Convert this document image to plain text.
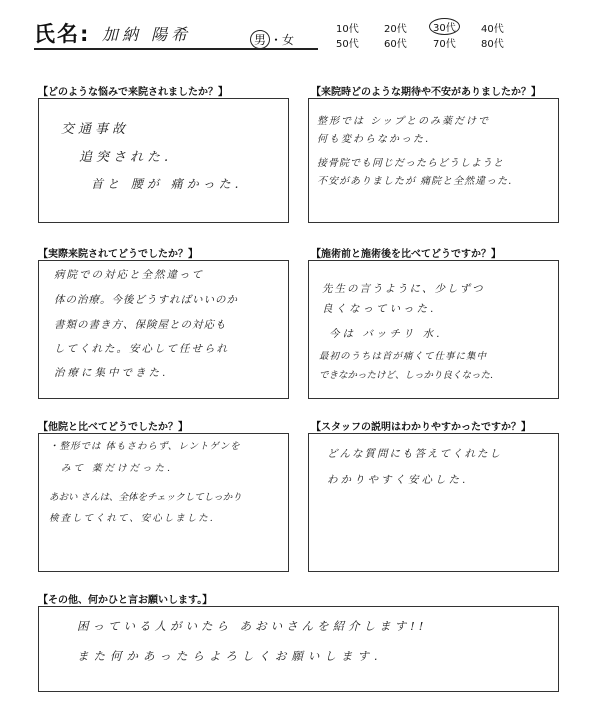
氏名: 加納 陽希	男 ・女
10代	20代	30代	40代
50代	60代	70代	80代
【どのような悩みで来院されましたか？】
交通事故
追突された.
首と 腰が 痛かった.
【来院時どのような期待や不安がありましたか？】
整形では シップとのみ薬だけで
何も変わらなかった.
接骨院でも同じだったらどうしようと
不安がありましたが 痛院と全然違った.
【実際来院されてどうでしたか？】
病院での対応と全然違って
体の治療。今後どうすればいいのか
書類の書き方、保険屋との対応も
してくれた。安心して任せられ
治療に集中できた.
【施術前と施術後を比べてどうですか？】
先生の言うように、少しずつ
良くなっていった.
今は バッチリ 水.
最初のうちは首が痛くて仕事に集中
できなかったけど、しっかり良くなった.
【他院と比べてどうでしたか？】
・整形では 体もさわらず、レントゲンを
みて 薬だけだった.
あおい さんは、全体をチェックしてしっかり
検査してくれて、安心しました.
【スタッフの説明はわかりやすかったですか？】
どんな質問にも答えてくれたし
わかりやすく安心した.
【その他、何かひと言お願いします。】
困っている人がいたら あおいさんを紹介します!!
また何かあったらよろしくお願いします.
